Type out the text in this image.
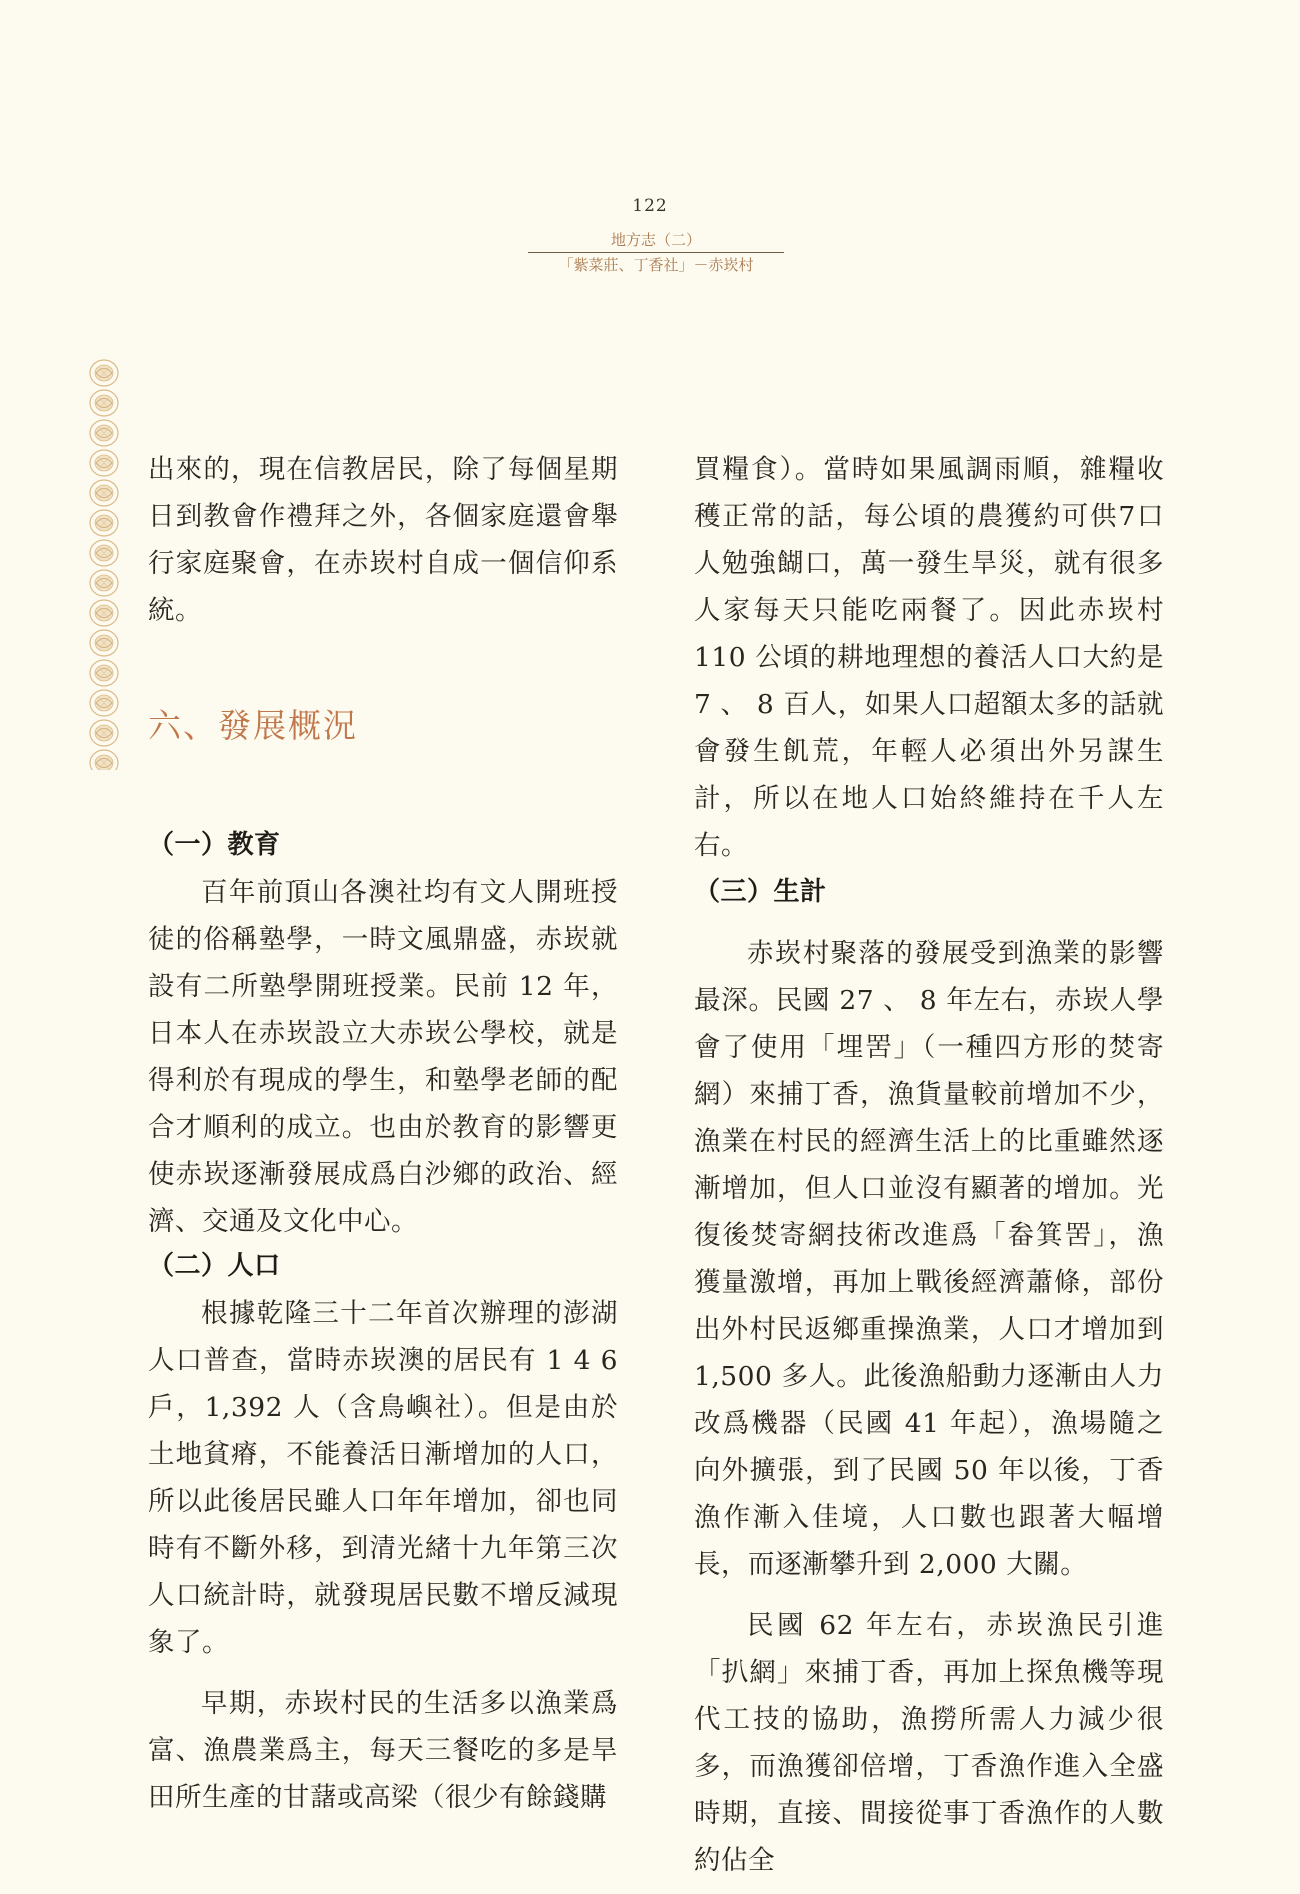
122
地方志（二）
「紫菜莊、丁香社」－赤崁村

出來的，現在信教居民，除了每個星期日到教會作禮拜之外，各個家庭還會舉行家庭聚會，在赤崁村自成一個信仰系統。

六、發展概況
（一）教育

百年前頂山各澳社均有文人開班授徒的俗稱塾學，一時文風鼎盛，赤崁就設有二所塾學開班授業。民前 12 年，日本人在赤崁設立大赤崁公學校，就是得利於有現成的學生，和塾學老師的配合才順利的成立。也由於教育的影響更使赤崁逐漸發展成爲白沙鄉的政治、經濟、交通及文化中心。

（二）人口

根據乾隆三十二年首次辦理的澎湖人口普查，當時赤崁澳的居民有 1 4 6 戶，1,392 人（含鳥嶼社）。但是由於土地貧瘠，不能養活日漸增加的人口，所以此後居民雖人口年年增加，卻也同時有不斷外移，到清光緒十九年第三次人口統計時，就發現居民數不增反減現象了。

早期，赤崁村民的生活多以漁業爲富、漁農業爲主，每天三餐吃的多是旱田所生產的甘藷或高梁（很少有餘錢購

買糧食）。當時如果風調雨順，雜糧收穫正常的話，每公頃的農獲約可供7口人勉強餬口，萬一發生旱災，就有很多人家每天只能吃兩餐了。因此赤崁村 110 公頃的耕地理想的養活人口大約是 7 、 8 百人，如果人口超額太多的話就會發生飢荒，年輕人必須出外另謀生計，所以在地人口始終維持在千人左右。

（三）生計

赤崁村聚落的發展受到漁業的影響最深。民國 27 、 8 年左右，赤崁人學會了使用「埋罟」（一種四方形的焚寄網）來捕丁香，漁貨量較前增加不少，漁業在村民的經濟生活上的比重雖然逐漸增加，但人口並沒有顯著的增加。光復後焚寄網技術改進爲「畚箕罟」，漁獲量激增，再加上戰後經濟蕭條，部份出外村民返鄉重操漁業，人口才增加到 1,500 多人。此後漁船動力逐漸由人力改爲機器（民國 41 年起），漁場隨之向外擴張，到了民國 50 年以後，丁香漁作漸入佳境，人口數也跟著大幅增長，而逐漸攀升到 2,000 大關。

民國 62 年左右，赤崁漁民引進「扒網」來捕丁香，再加上探魚機等現代工技的協助，漁撈所需人力減少很多，而漁獲卻倍增，丁香漁作進入全盛時期，直接、間接從事丁香漁作的人數約佔全
